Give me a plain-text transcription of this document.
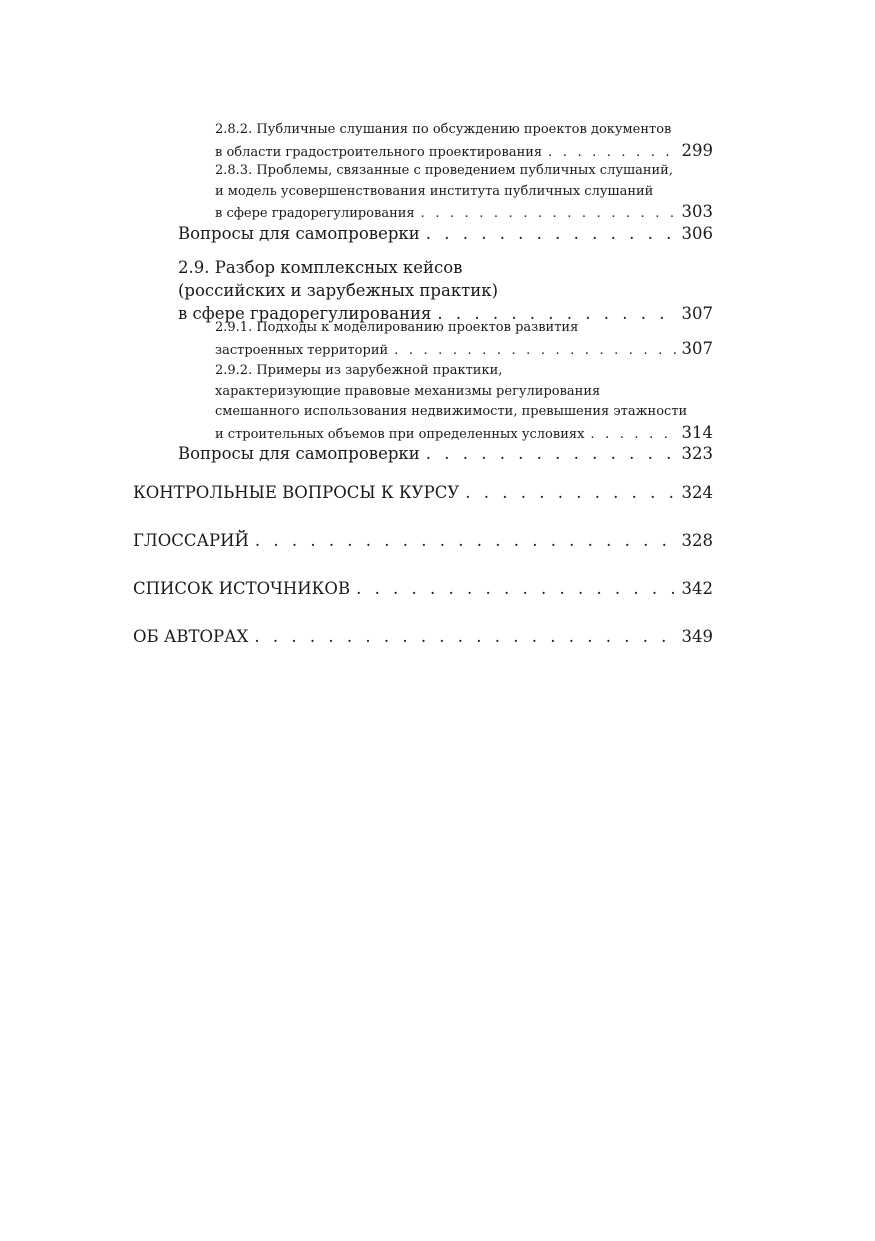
2.8.2. Публичные слушания по обсуждению проектов документов
в области градостроительного проектирования . . .	299
2.8.3. Проблемы, связанные с проведением публичных слушаний,
и модель усовершенствования института публичных слушаний
в сфере градорегулирования . . .	303
Вопросы для самопроверки . . .	306
2.9. Разбор комплексных кейсов
(российских и зарубежных практик)
в сфере градорегулирования . . .	307
2.9.1. Подходы к моделированию проектов развития
застроенных территорий . . .	307
2.9.2. Примеры из зарубежной практики,
характеризующие правовые механизмы регулирования
смешанного использования недвижимости, превышения этажности
и строительных объемов при определенных условиях . . .	314
Вопросы для самопроверки . . .	323
КОНТРОЛЬНЫЕ ВОПРОСЫ К КУРСУ . . .	324
ГЛОССАРИЙ . . .	328
СПИСОК ИСТОЧНИКОВ . . .	342
ОБ АВТОРАХ . . .	349
